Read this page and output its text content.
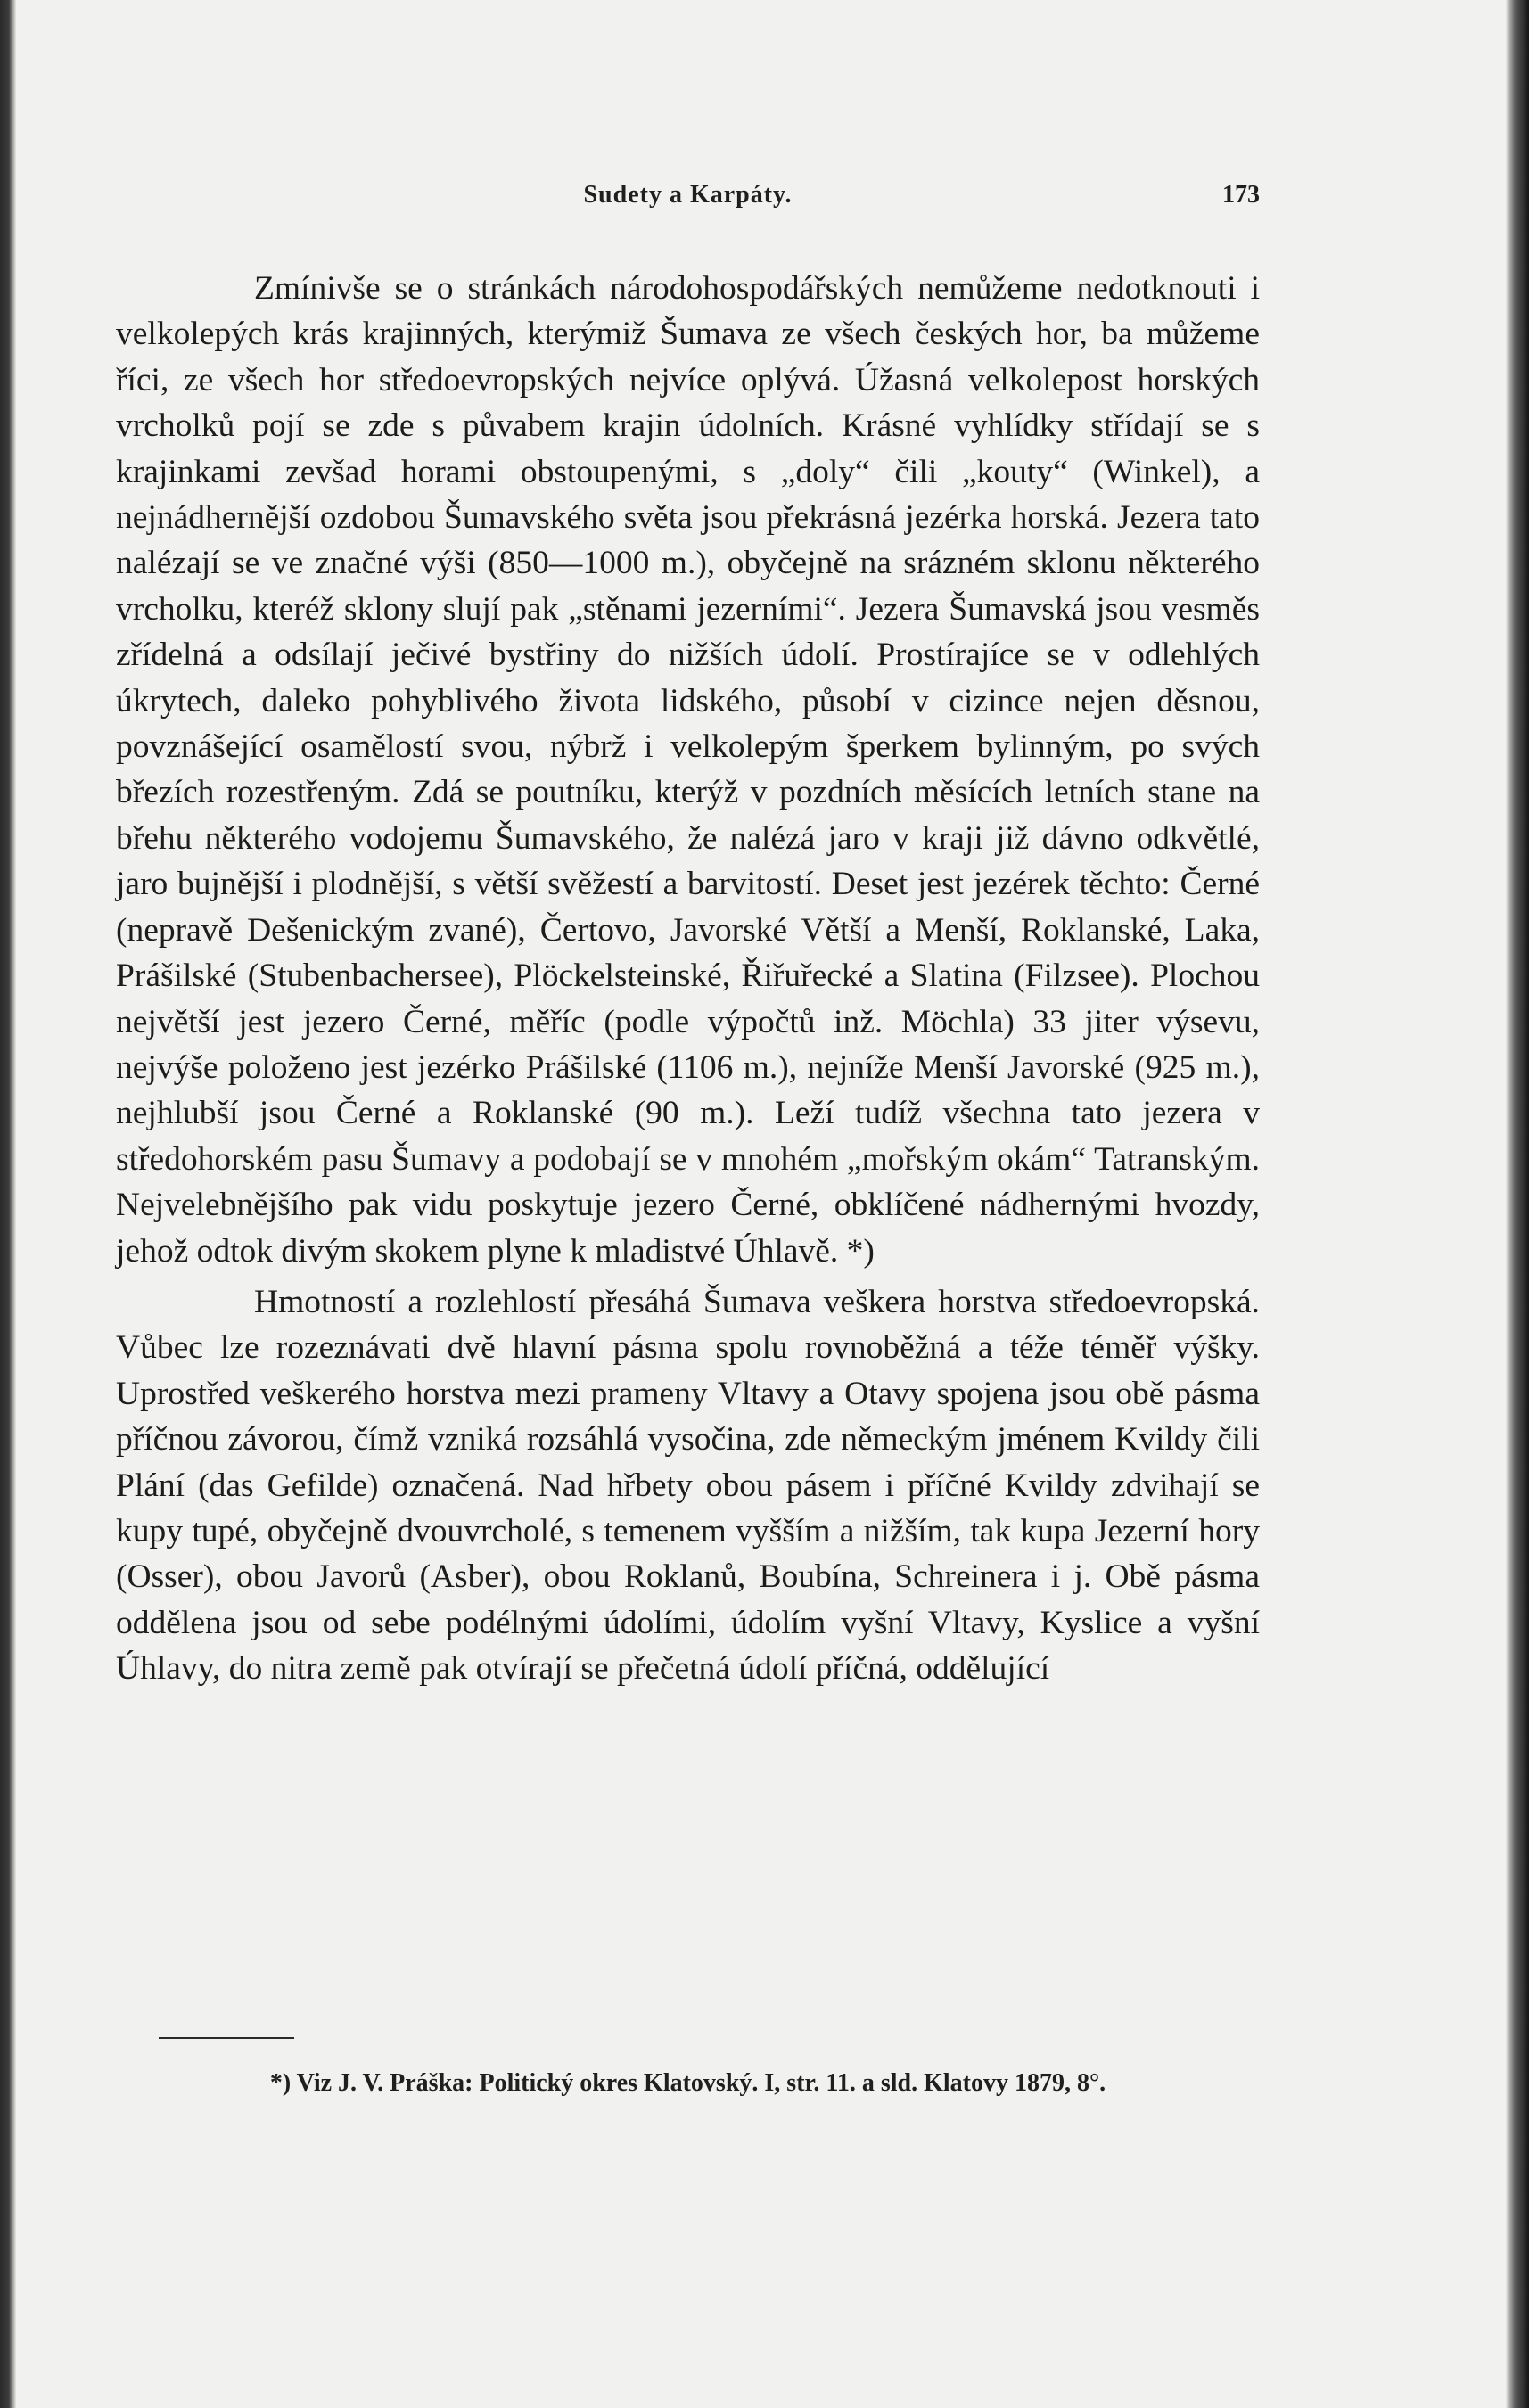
Sudety a Karpáty.	173

Zmínivše se o stránkách národohospodářských nemůžeme nedotknouti i velkolepých krás krajinných, kterýmiž Šumava ze všech českých hor, ba můžeme říci, ze všech hor středoevropských nejvíce oplývá. Úžasná velkolepost horských vrcholků pojí se zde s půvabem krajin údolních. Krásné vyhlídky střídají se s krajinkami zevšad horami obstoupenými, s „doly“ čili „kouty“ (Winkel), a nejnádhernější ozdobou Šumavského světa jsou překrásná jezérka horská. Jezera tato nalézají se ve značné výši (850—1000 m.), obyčejně na srázném sklonu některého vrcholku, kteréž sklony slují pak „stěnami jezerními“. Jezera Šumavská jsou vesměs zřídelná a odsílají ječivé bystřiny do nižších údolí. Prostírajíce se v odlehlých úkrytech, daleko pohyblivého života lidského, působí v cizince nejen děsnou, povznášející osamělostí svou, nýbrž i velkolepým šperkem bylinným, po svých březích rozestřeným. Zdá se poutníku, kterýž v pozdních měsících letních stane na břehu některého vodojemu Šumavského, že nalézá jaro v kraji již dávno odkvětlé, jaro bujnější i plodnější, s větší svěžestí a barvitostí. Deset jest jezérek těchto: Černé (nepravě Dešenickým zvané), Čertovo, Javorské Větší a Menší, Roklanské, Laka, Prášilské (Stubenbachersee), Plöckelsteinské, Řiřuřecké a Slatina (Filzsee). Plochou největší jest jezero Černé, měříc (podle výpočtů inž. Möchla) 33 jiter výsevu, nejvýše položeno jest jezérko Prášilské (1106 m.), nejníže Menší Javorské (925 m.), nejhlubší jsou Černé a Roklanské (90 m.). Leží tudíž všechna tato jezera v středohorském pasu Šumavy a podobají se v mnohém „mořským okám“ Tatranským. Nejvelebnějšího pak vidu poskytuje jezero Černé, obklíčené nádhernými hvozdy, jehož odtok divým skokem plyne k mladistvé Úhlavě. *)

Hmotností a rozlehlostí přesáhá Šumava veškera horstva středoevropská. Vůbec lze rozeznávati dvě hlavní pásma spolu rovnoběžná a téže téměř výšky. Uprostřed veškerého horstva mezi prameny Vltavy a Otavy spojena jsou obě pásma příčnou závorou, čímž vzniká rozsáhlá vysočina, zde německým jménem Kvildy čili Plání (das Gefilde) označená. Nad hřbety obou pásem i příčné Kvildy zdvihají se kupy tupé, obyčejně dvouvrcholé, s temenem vyšším a nižším, tak kupa Jezerní hory (Osser), obou Javorů (Asber), obou Roklanů, Boubína, Schreinera i j. Obě pásma oddělena jsou od sebe podélnými údolími, údolím vyšní Vltavy, Kyslice a vyšní Úhlavy, do nitra země pak otvírají se přečetná údolí příčná, oddělující

*) Viz J. V. Práška: Politický okres Klatovský. I, str. 11. a sld. Klatovy 1879, 8°.
